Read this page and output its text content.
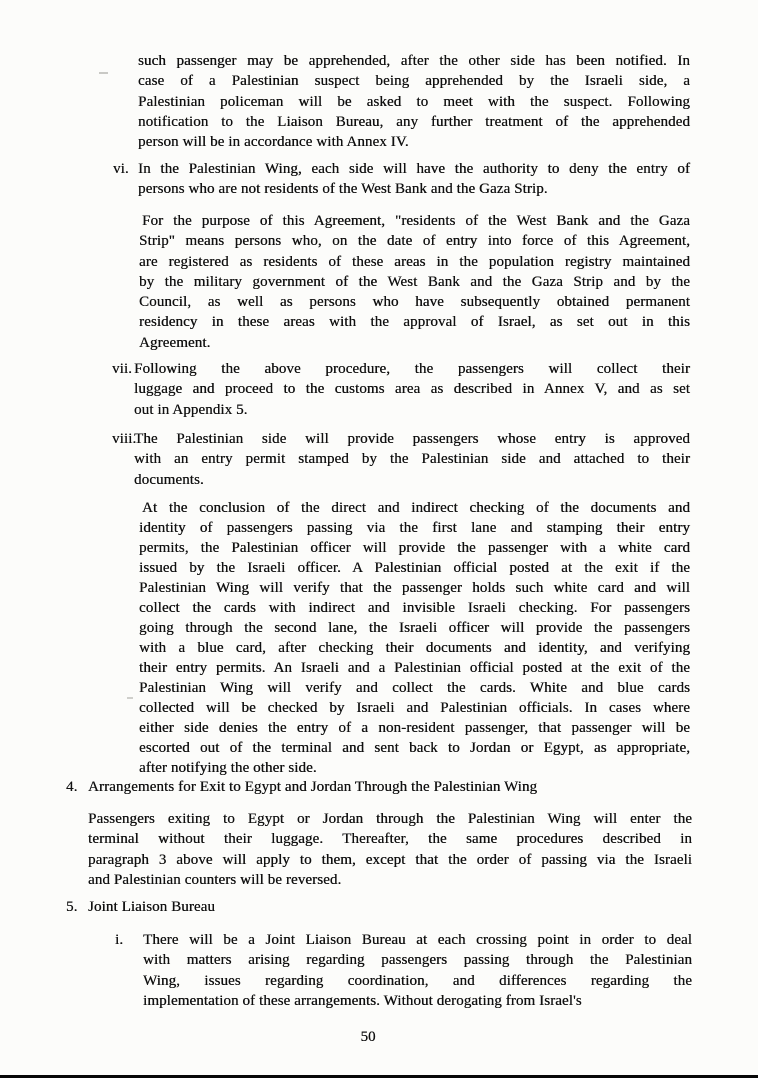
such passenger may be apprehended, after the other side has been notified. In
case of a Palestinian suspect being apprehended by the Israeli side, a
Palestinian policeman will be asked to meet with the suspect. Following
notification to the Liaison Bureau, any further treatment of the apprehended
person will be in accordance with Annex IV.
vi. In the Palestinian Wing, each side will have the authority to deny the entry of
persons who are not residents of the West Bank and the Gaza Strip.
For the purpose of this Agreement, "residents of the West Bank and the Gaza
Strip" means persons who, on the date of entry into force of this Agreement,
are registered as residents of these areas in the population registry maintained
by the military government of the West Bank and the Gaza Strip and by the
Council, as well as persons who have subsequently obtained permanent
residency in these areas with the approval of Israel, as set out in this
Agreement.
vii. Following the above procedure, the passengers will collect their
luggage and proceed to the customs area as described in Annex V, and as set
out in Appendix 5.
viii.
The Palestinian side will provide passengers whose entry is approved
with an entry permit stamped by the Palestinian side and attached to their
documents.
At the conclusion of the direct and indirect checking of the documents and
identity of passengers passing via the first lane and stamping their entry
permits, the Palestinian officer will provide the passenger with a white card
issued by the Israeli officer. A Palestinian official posted at the exit if the
Palestinian Wing will verify that the passenger holds such white card and will
collect the cards with indirect and invisible Israeli checking. For passengers
going through the second lane, the Israeli officer will provide the passengers
with a blue card, after checking their documents and identity, and verifying
their entry permits. An Israeli and a Palestinian official posted at the exit of the
Palestinian Wing will verify and collect the cards. White and blue cards
collected will be checked by Israeli and Palestinian officials. In cases where
either side denies the entry of a non-resident passenger, that passenger will be
escorted out of the terminal and sent back to Jordan or Egypt, as appropriate,
after notifying the other side.
4. Arrangements for Exit to Egypt and Jordan Through the Palestinian Wing
Passengers exiting to Egypt or Jordan through the Palestinian Wing will enter the
terminal without their luggage. Thereafter, the same procedures described in
paragraph 3 above will apply to them, except that the order of passing via the Israeli
and Palestinian counters will be reversed.
5. Joint Liaison Bureau
i. There will be a Joint Liaison Bureau at each crossing point in order to deal
with matters arising regarding passengers passing through the Palestinian
Wing, issues regarding coordination, and differences regarding the
implementation of these arrangements. Without derogating from Israel's
50
